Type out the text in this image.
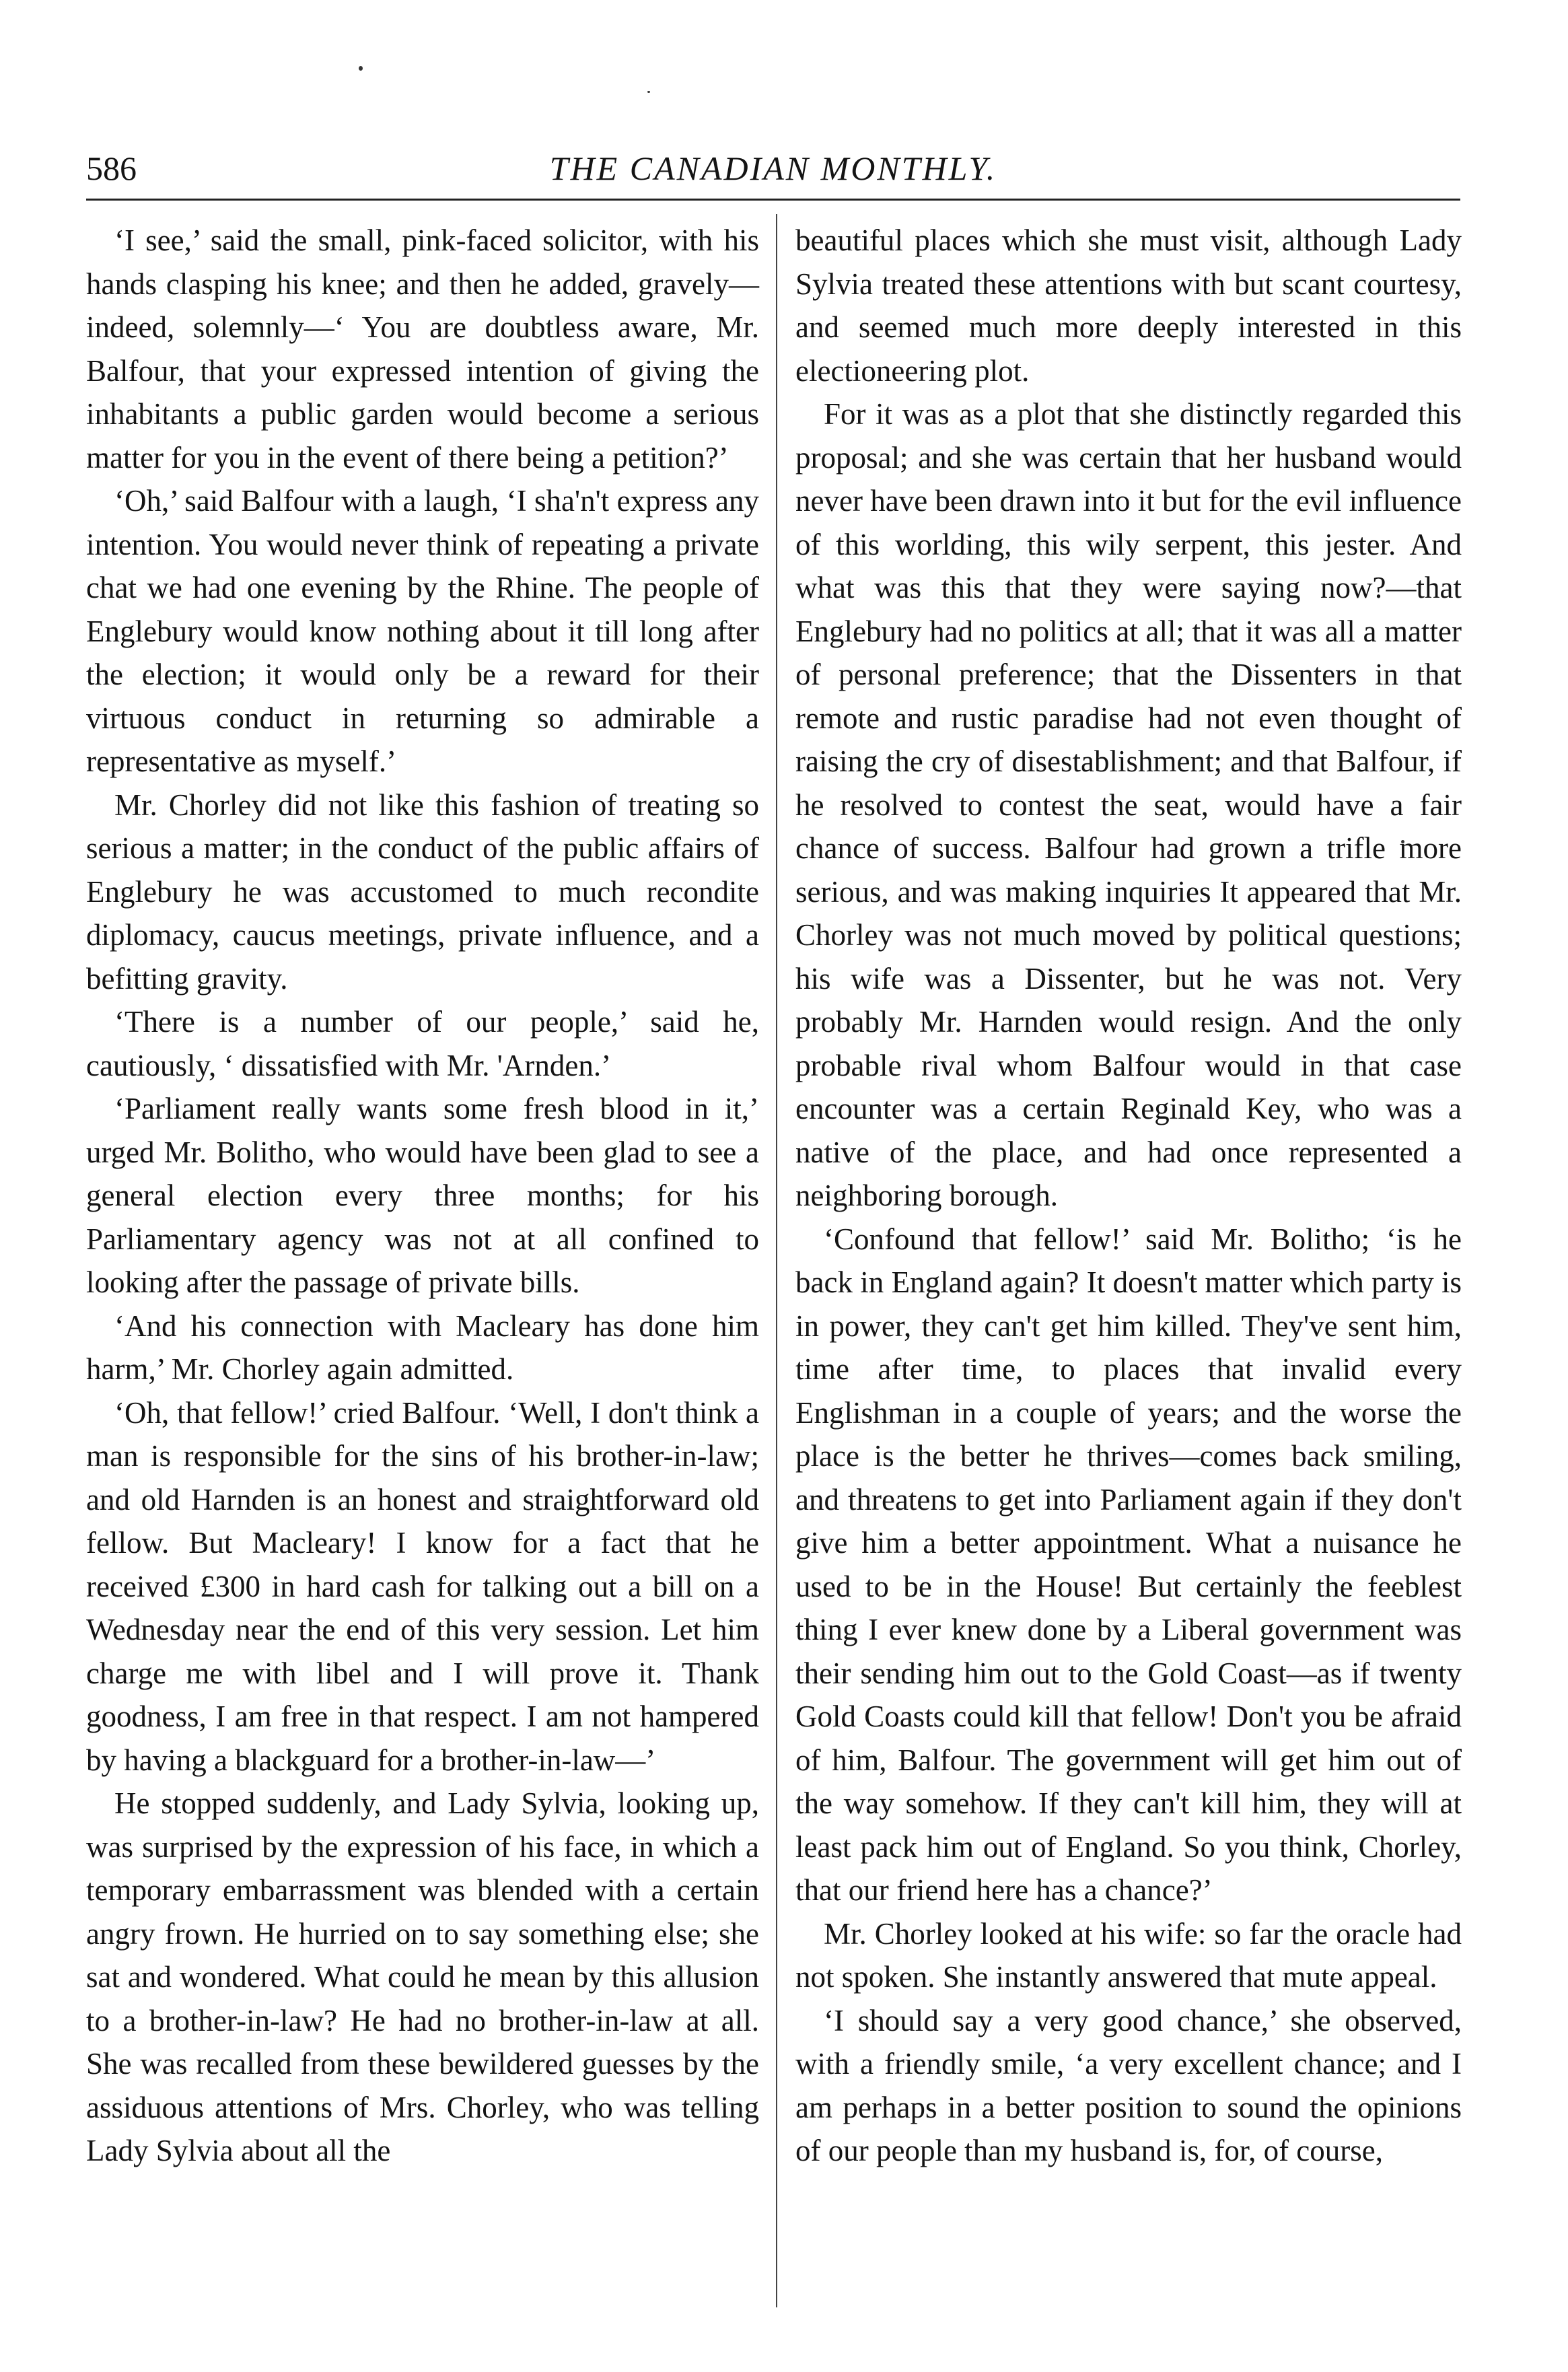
586	THE CANADIAN MONTHLY.

‘I see,’ said the small, pink-faced solicitor, with his hands clasping his knee; and then he added, gravely—indeed, solemnly—‘ You are doubtless aware, Mr. Balfour, that your expressed intention of giving the inhabitants a public garden would become a serious matter for you in the event of there being a petition?’

‘Oh,’ said Balfour with a laugh, ‘I sha'n't express any intention. You would never think of repeating a private chat we had one evening by the Rhine. The people of Englebury would know nothing about it till long after the election; it would only be a reward for their virtuous conduct in returning so admirable a representative as myself.’

Mr. Chorley did not like this fashion of treating so serious a matter; in the conduct of the public affairs of Englebury he was accustomed to much recondite diplomacy, caucus meetings, private influence, and a befitting gravity.

‘There is a number of our people,’ said he, cautiously, ‘ dissatisfied with Mr. 'Arnden.’

‘Parliament really wants some fresh blood in it,’ urged Mr. Bolitho, who would have been glad to see a general election every three months; for his Parliamentary agency was not at all confined to looking after the passage of private bills.

‘And his connection with Macleary has done him harm,’ Mr. Chorley again admitted.

‘Oh, that fellow!’ cried Balfour. ‘Well, I don't think a man is responsible for the sins of his brother-in-law; and old Harnden is an honest and straightforward old fellow. But Macleary! I know for a fact that he received £300 in hard cash for talking out a bill on a Wednesday near the end of this very session. Let him charge me with libel and I will prove it. Thank goodness, I am free in that respect. I am not hampered by having a blackguard for a brother-in-law—’

He stopped suddenly, and Lady Sylvia, looking up, was surprised by the expression of his face, in which a temporary embarrassment was blended with a certain angry frown. He hurried on to say something else; she sat and wondered. What could he mean by this allusion to a brother-in-law? He had no brother-in-law at all. She was recalled from these bewildered guesses by the assiduous attentions of Mrs. Chorley, who was telling Lady Sylvia about all the

beautiful places which she must visit, although Lady Sylvia treated these attentions with but scant courtesy, and seemed much more deeply interested in this electioneering plot.

For it was as a plot that she distinctly regarded this proposal; and she was certain that her husband would never have been drawn into it but for the evil influence of this worlding, this wily serpent, this jester. And what was this that they were saying now?—that Englebury had no politics at all; that it was all a matter of personal preference; that the Dissenters in that remote and rustic paradise had not even thought of raising the cry of disestablishment; and that Balfour, if he resolved to contest the seat, would have a fair chance of success. Balfour had grown a trifle more serious, and was making inquiries It appeared that Mr. Chorley was not much moved by political questions; his wife was a Dissenter, but he was not. Very probably Mr. Harnden would resign. And the only probable rival whom Balfour would in that case encounter was a certain Reginald Key, who was a native of the place, and had once represented a neighboring borough.

‘Confound that fellow!’ said Mr. Bolitho; ‘is he back in England again? It doesn't matter which party is in power, they can't get him killed. They've sent him, time after time, to places that invalid every Englishman in a couple of years; and the worse the place is the better he thrives—comes back smiling, and threatens to get into Parliament again if they don't give him a better appointment. What a nuisance he used to be in the House! But certainly the feeblest thing I ever knew done by a Liberal government was their sending him out to the Gold Coast—as if twenty Gold Coasts could kill that fellow! Don't you be afraid of him, Balfour. The government will get him out of the way somehow. If they can't kill him, they will at least pack him out of England. So you think, Chorley, that our friend here has a chance?’

Mr. Chorley looked at his wife: so far the oracle had not spoken. She instantly answered that mute appeal.

‘I should say a very good chance,’ she observed, with a friendly smile, ‘a very excellent chance; and I am perhaps in a better position to sound the opinions of our people than my husband is, for, of course,
